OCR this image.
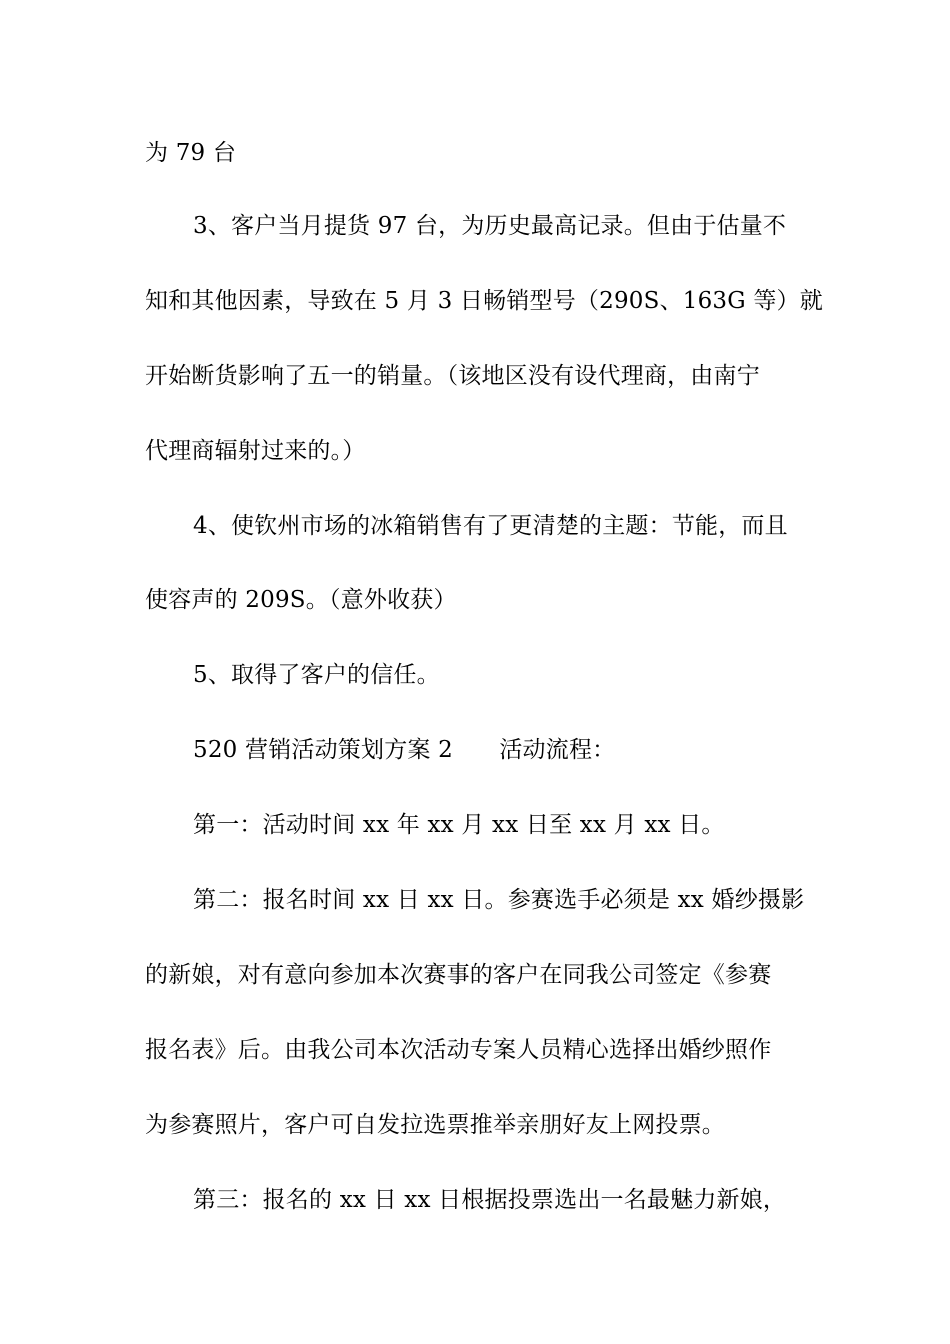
为 79 台
3、客户当月提货 97 台，为历史最高记录。但由于估量不
知和其他因素，导致在 5 月 3 日畅销型号（290S、163G 等）就
开始断货影响了五一的销量。（该地区没有设代理商，由南宁
代理商辐射过来的。）
4、使钦州市场的冰箱销售有了更清楚的主题：节能，而且
使容声的 209S。（意外收获）
5、取得了客户的信任。
520 营销活动策划方案 2　　活动流程：
第一：活动时间 xx 年 xx 月 xx 日至 xx 月 xx 日。
第二：报名时间 xx 日 xx 日。参赛选手必须是 xx 婚纱摄影
的新娘，对有意向参加本次赛事的客户在同我公司签定《参赛
报名表》后。由我公司本次活动专案人员精心选择出婚纱照作
为参赛照片，客户可自发拉选票推举亲朋好友上网投票。
第三：报名的 xx 日 xx 日根据投票选出一名最魅力新娘，
